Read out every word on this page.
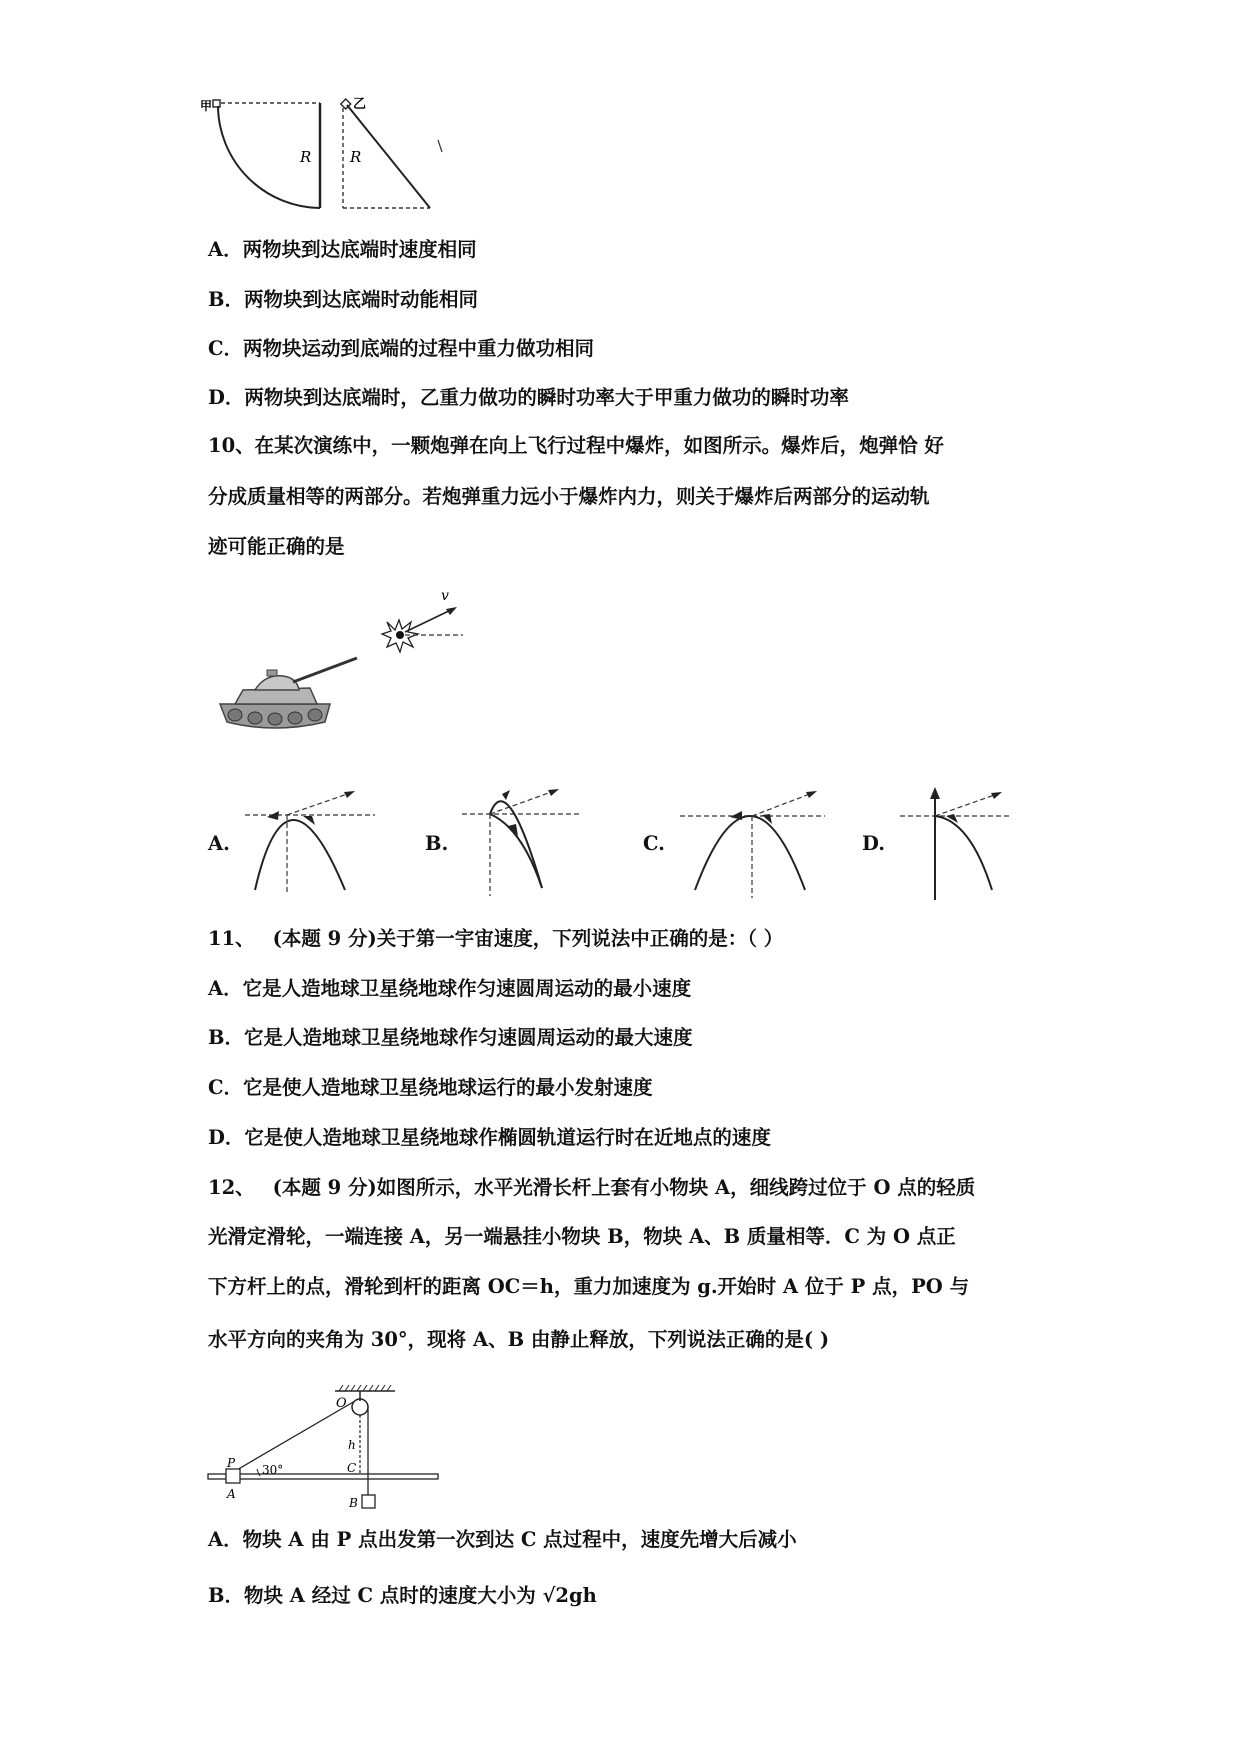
甲
R
乙
R
A．两物块到达底端时速度相同
B．两物块到达底端时动能相同
C．两物块运动到底端的过程中重力做功相同
D．两物块到达底端时，乙重力做功的瞬时功率大于甲重力做功的瞬时功率
10、在某次演练中，一颗炮弹在向上飞行过程中爆炸，如图所示。爆炸后，炮弹恰 好
分成质量相等的两部分。若炮弹重力远小于爆炸内力，则关于爆炸后两部分的运动轨
迹可能正确的是
v
A.	B.	C.	D.
11、 (本题 9 分)关于第一宇宙速度，下列说法中正确的是：（ ）
A．它是人造地球卫星绕地球作匀速圆周运动的最小速度
B．它是人造地球卫星绕地球作匀速圆周运动的最大速度
C．它是使人造地球卫星绕地球运行的最小发射速度
D．它是使人造地球卫星绕地球作椭圆轨道运行时在近地点的速度
12、 (本题 9 分)如图所示，水平光滑长杆上套有小物块 A，细线跨过位于 O 点的轻质
光滑定滑轮，一端连接 A，另一端悬挂小物块 B，物块 A、B 质量相等．C 为 O 点正
下方杆上的点，滑轮到杆的距离 OC＝h，重力加速度为 g.开始时 A 位于 P 点，PO 与
水平方向的夹角为 30°，现将 A、B 由静止释放，下列说法正确的是( )
O
h
P 30°	C
A
B
A．物块 A 由 P 点出发第一次到达 C 点过程中，速度先增大后减小
B．物块 A 经过 C 点时的速度大小为 √2gh
